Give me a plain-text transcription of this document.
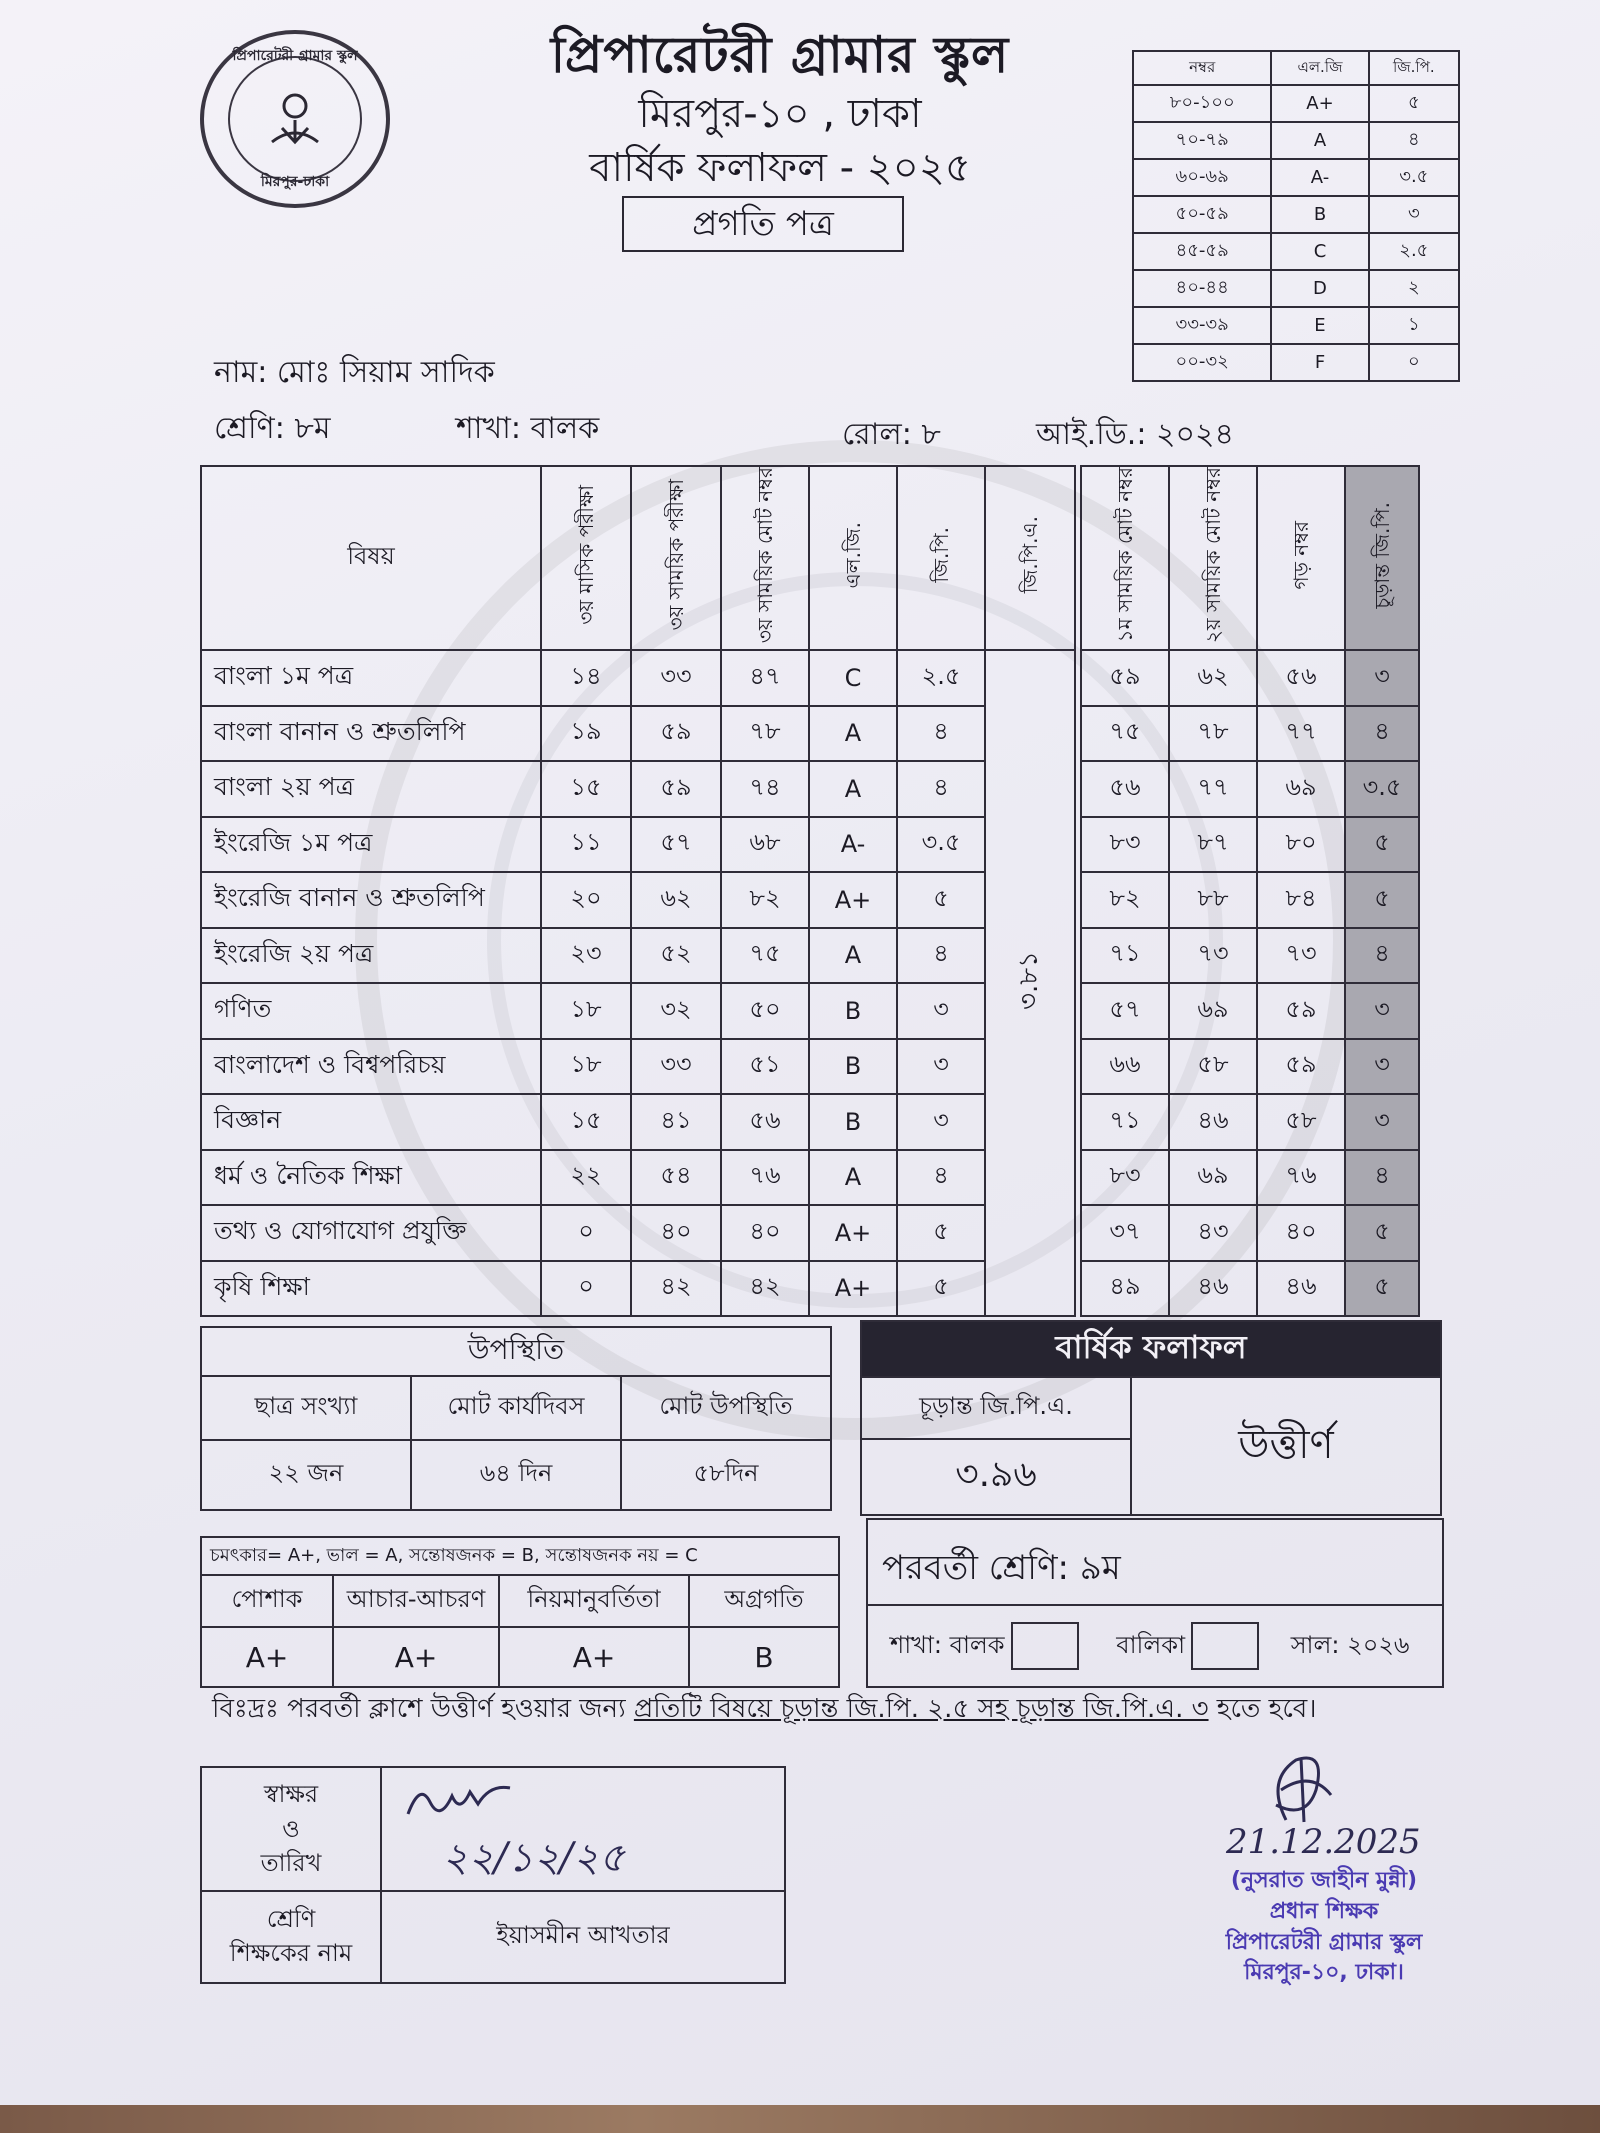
প্রিপারেটরী গ্রামার স্কুল
মিরপুর-ঢাকা
প্রিপারেটরী গ্রামার স্কুল
মিরপুর-১০ , ঢাকা
বার্ষিক ফলাফল - ২০২৫
প্রগতি পত্র
নম্বর	এল.জি	জি.পি.
৮০-১০০	A+	৫
৭০-৭৯	A	৪
৬০-৬৯	A-	৩.৫
৫০-৫৯	B	৩
৪৫-৫৯	C	২.৫
৪০-৪৪	D	২
৩৩-৩৯	E	১
০০-৩২	F	০
নাম: মোঃ সিয়াম সাদিক
শ্রেণি: ৮ম	শাখা: বালক	রোল: ৮	আই.ডি.: ২০২৪
বিষয়	৩য় মাসিক পরীক্ষা	৩য় সাময়িক পরীক্ষা	৩য় সাময়িক মোট নম্বর	এল.জি.	জি.পি.	জি.পি.এ.		১ম সাময়িক মোট নম্বর	২য় সাময়িক মোট নম্বর	গড় নম্বর	চূড়ান্ত জি.পি.
বাংলা ১ম পত্র	১৪	৩৩	৪৭	C	২.৫	৩.৮১		৫৯	৬২	৫৬	৩
বাংলা বানান ও শ্রুতলিপি	১৯	৫৯	৭৮	A	৪			৭৫	৭৮	৭৭	৪
বাংলা ২য় পত্র	১৫	৫৯	৭৪	A	৪			৫৬	৭৭	৬৯	৩.৫
ইংরেজি ১ম পত্র	১১	৫৭	৬৮	A-	৩.৫			৮৩	৮৭	৮০	৫
ইংরেজি বানান ও শ্রুতলিপি	২০	৬২	৮২	A+	৫			৮২	৮৮	৮৪	৫
ইংরেজি ২য় পত্র	২৩	৫২	৭৫	A	৪			৭১	৭৩	৭৩	৪
গণিত	১৮	৩২	৫০	B	৩			৫৭	৬৯	৫৯	৩
বাংলাদেশ ও বিশ্বপরিচয়	১৮	৩৩	৫১	B	৩			৬৬	৫৮	৫৯	৩
বিজ্ঞান	১৫	৪১	৫৬	B	৩			৭১	৪৬	৫৮	৩
ধর্ম ও নৈতিক শিক্ষা	২২	৫৪	৭৬	A	৪			৮৩	৬৯	৭৬	৪
তথ্য ও যোগাযোগ প্রযুক্তি	০	৪০	৪০	A+	৫			৩৭	৪৩	৪০	৫
কৃষি শিক্ষা	০	৪২	৪২	A+	৫			৪৯	৪৬	৪৬	৫
উপস্থিতি		
ছাত্র সংখ্যা	মোট কার্যদিবস	মোট উপস্থিতি
২২ জন	৬৪ দিন	৫৮দিন
বার্ষিক ফলাফল
চূড়ান্ত জি.পি.এ.	উত্তীর্ণ
৩.৯৬
চমৎকার= A+, ভাল = A, সন্তোষজনক = B, সন্তোষজনক নয় = C			
পোশাক	আচার-আচরণ	নিয়মানুবর্তিতা	অগ্রগতি
A+	A+	A+	B
পরবর্তী শ্রেণি: ৯ম
শাখা: বালক	বালিকা	সাল: ২০২৬
বিঃদ্রঃ পরবর্তী ক্লাশে উত্তীর্ণ হওয়ার জন্য প্রতিটি বিষয়ে চূড়ান্ত জি.পি. ২.৫ সহ চূড়ান্ত জি.পি.এ. ৩ হতে হবে।
স্বাক্ষর
ও
তারিখ	২২/১২/২৫

শ্রেণি
শিক্ষকের নাম	ইয়াসমীন আখতার
21.12.2025
(নুসরাত জাহীন মুন্নী)
প্রধান শিক্ষক
প্রিপারেটরী গ্রামার স্কুল
মিরপুর-১০, ঢাকা।
